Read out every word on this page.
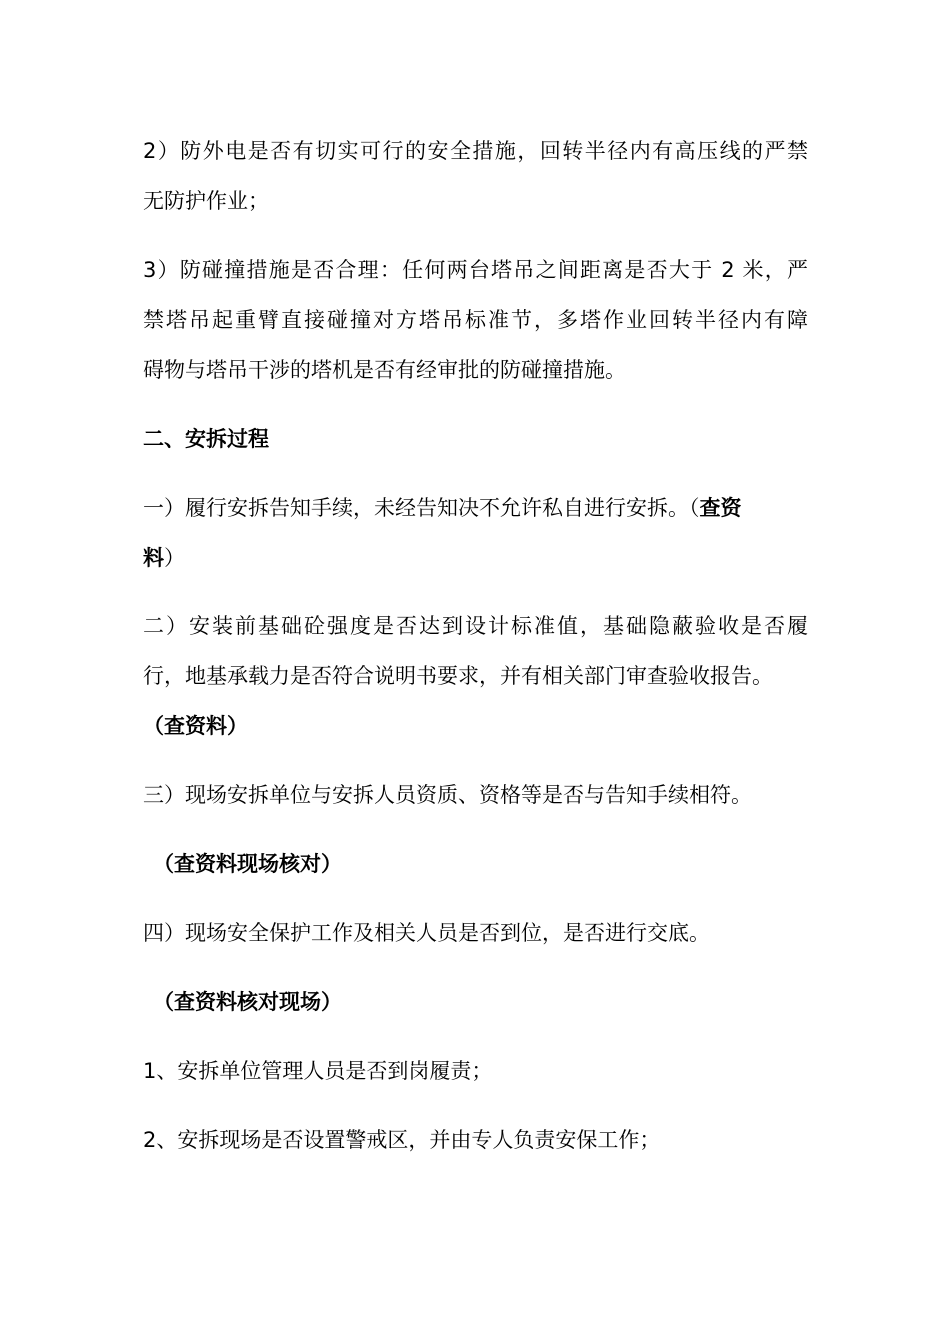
2）防外电是否有切实可行的安全措施，回转半径内有高压线的严禁
无防护作业；
3）防碰撞措施是否合理：任何两台塔吊之间距离是否大于 2 米，严
禁塔吊起重臂直接碰撞对方塔吊标准节，多塔作业回转半径内有障
碍物与塔吊干涉的塔机是否有经审批的防碰撞措施。
二、安拆过程
一）履行安拆告知手续，未经告知决不允许私自进行安拆。（查资
料）
二）安装前基础砼强度是否达到设计标准值，基础隐蔽验收是否履
行，地基承载力是否符合说明书要求，并有相关部门审查验收报告。
（查资料）
三）现场安拆单位与安拆人员资质、资格等是否与告知手续相符。
（查资料现场核对）
四）现场安全保护工作及相关人员是否到位，是否进行交底。
（查资料核对现场）
1、安拆单位管理人员是否到岗履责；
2、安拆现场是否设置警戒区，并由专人负责安保工作；
